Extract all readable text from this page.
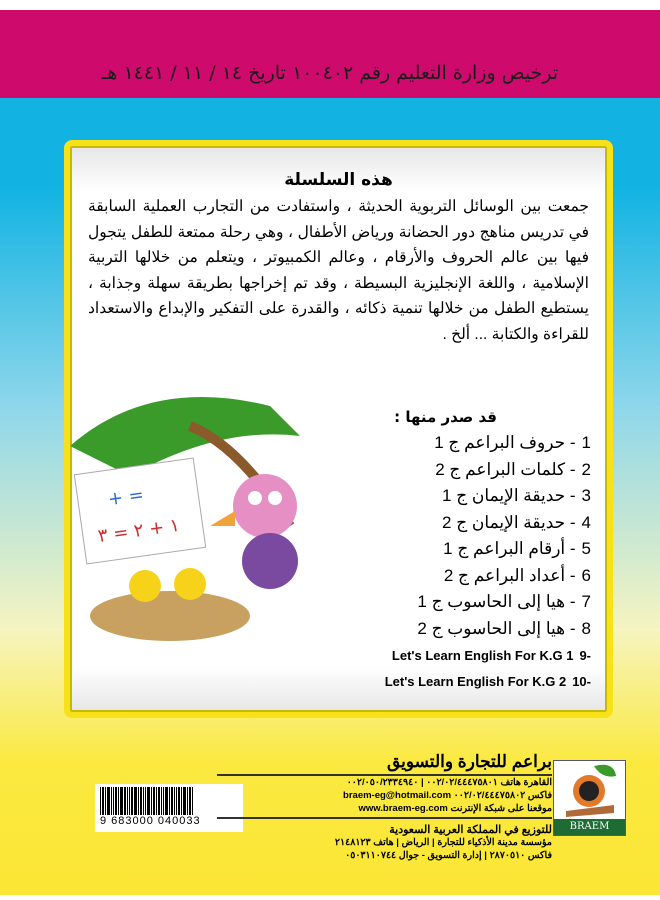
ترخيص وزارة التعليم رقم ١٠٠٤٠٢ تاريخ ١٤ / ١١ / ١٤٤١ هـ
هذه السلسلة

جمعت بين الوسائل التربوية الحديثة ، واستفادت من التجارب العملية السابقة في تدريس مناهج دور الحضانة ورياض الأطفال ، وهي رحلة ممتعة للطفل يتجول فيها بين عالم الحروف والأرقام ، وعالم الكمبيوتر ، ويتعلم من خلالها التربية الإسلامية ، واللغة الإنجليزية البسيطة ، وقد تم إخراجها بطريقة سهلة وجذابة ، يستطيع الطفل من خلالها تنمية ذكائه ، والقدرة على التفكير والإبداع والاستعداد للقراءة والكتابة ... ألخ .

قد صدر منها :
+ =
١ + ٢ = ٣
- حروف البراعم ج 1 1
- كلمات البراعم ج 2 2
- حديقة الإيمان ج 1 3
- حديقة الإيمان ج 2 4
- أرقام البراعم ج 1 5
- أعداد البراعم ج 2 6
- هيا إلى الحاسوب ج 1 7
- هيا إلى الحاسوب ج 2 8
Let's Learn English For K.G 1 9-
Let's Learn English For K.G 2 10-
9 683000 040033
براعم للتجارة والتسويق
القاهرة هاتف ٠٠٢/٠٢/٤٤٤٧٥٨٠١ | ٠٠٢/٠٥٠/٢٣٣٤٩٤٠
فاكس ٠٠٢/٠٢/٤٤٤٧٥٨٠٢ braem-eg@hotmail.com
موقعنا على شبكة الإنترنت www.braem-eg.com
للتوزيع في المملكة العربية السعودية
مؤسسة مدينة الأذكياء للتجارة | الرياض | هاتف ٢١٤٨١٢٣
فاكس ٢٨٧٠٥١٠ | إدارة التسويق - جوال ٠٥٠٣١١٠٧٤٤
BRAEM
